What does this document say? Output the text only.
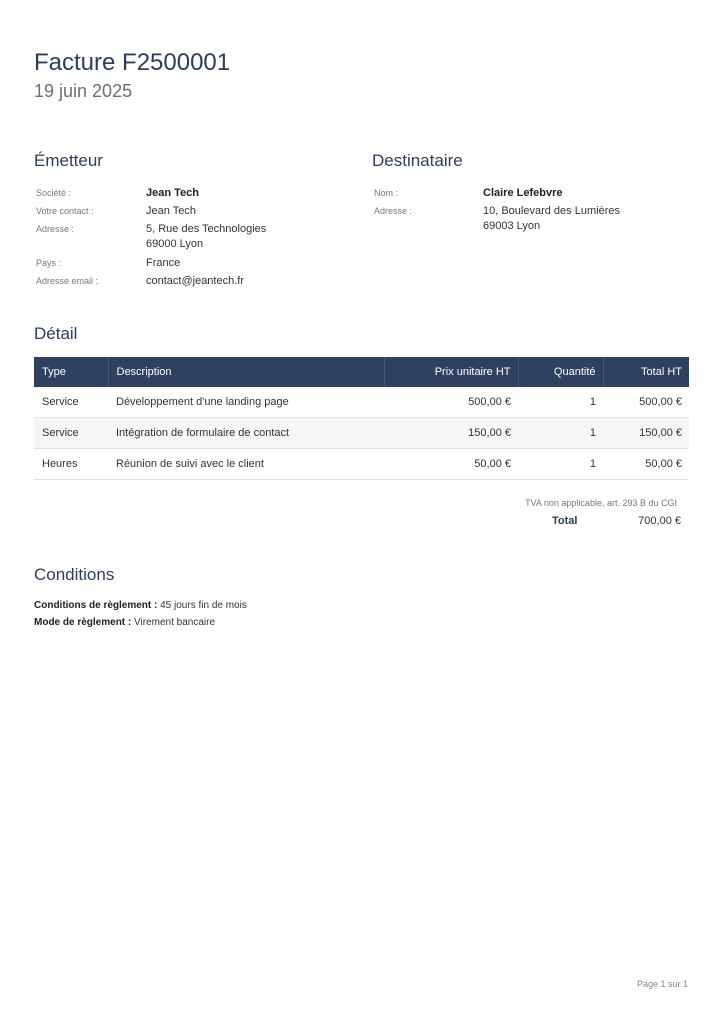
Facture F2500001
19 juin 2025
Émetteur
Société :	Jean Tech
Votre contact :	Jean Tech
Adresse :	5, Rue des Technologies
69000 Lyon
Pays :	France
Adresse email :	contact@jeantech.fr
Destinataire
Nom :	Claire Lefebvre
Adresse :	10, Boulevard des Lumières
69003 Lyon
Détail
Type	Description	Prix unitaire HT	Quantité	Total HT
Service	Développement d'une landing page	500,00 €	1	500,00 €
Service	Intégration de formulaire de contact	150,00 €	1	150,00 €
Heures	Réunion de suivi avec le client	50,00 €	1	50,00 €
TVA non applicable, art. 293 B du CGI
Total	700,00 €
Conditions
Conditions de règlement : 45 jours fin de mois
Mode de règlement : Virement bancaire
Page 1 sur 1
